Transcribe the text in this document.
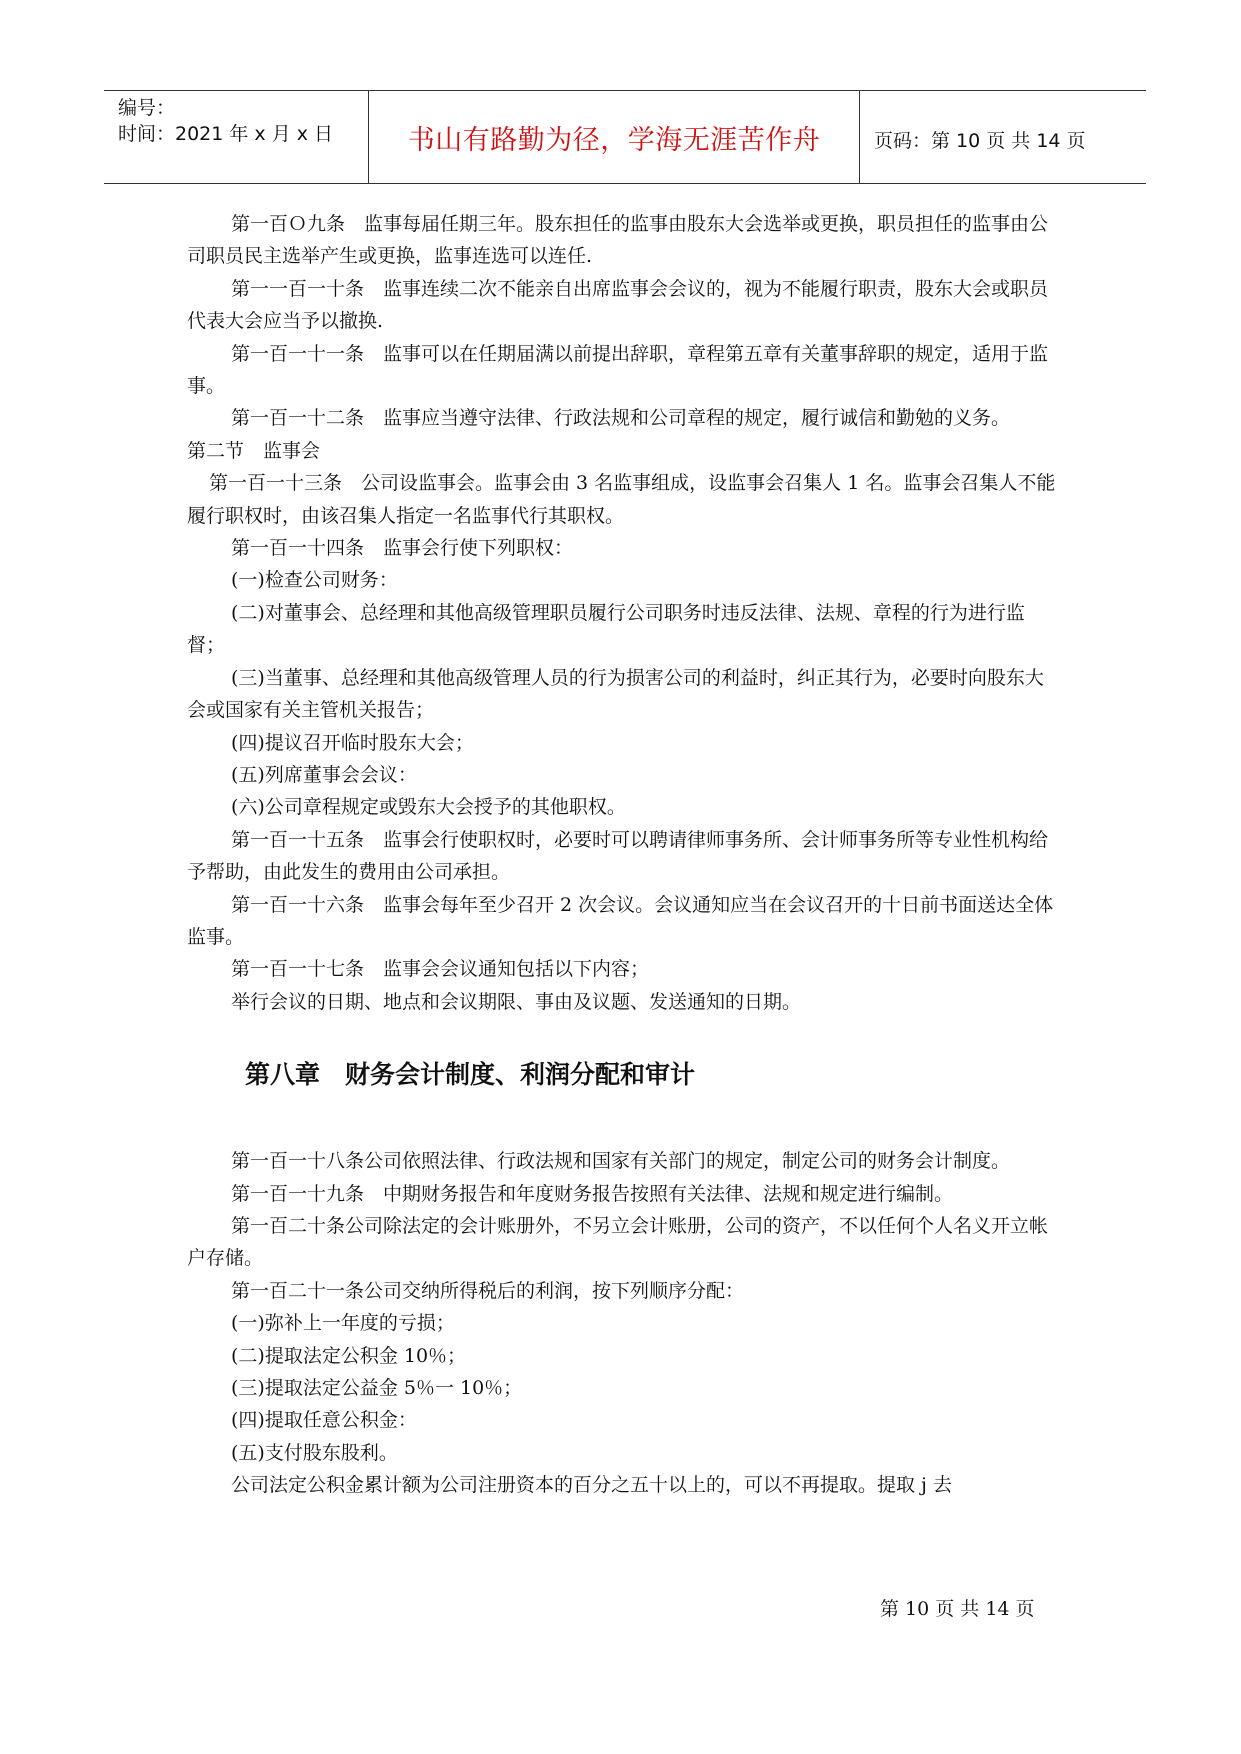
编号：
时间：2021 年 x 月 x 日	书山有路勤为径，学海无涯苦作舟	页码：第 10 页 共 14 页

第一百Ｏ九条　监事每届任期三年。股东担任的监事由股东大会选举或更换，职员担任的监事由公司职员民主选举产生或更换，监事连选可以连任.

第一一百一十条　监事连续二次不能亲自出席监事会会议的，视为不能履行职责，股东大会或职员代表大会应当予以撤换.

第一百一十一条　监事可以在任期届满以前提出辞职，章程第五章有关董事辞职的规定，适用于监事。

第一百一十二条　监事应当遵守法律、行政法规和公司章程的规定，履行诚信和勤勉的义务。

第二节　监事会

第一百一十三条　公司设监事会。监事会由 3 名监事组成，设监事会召集人 1 名。监事会召集人不能履行职权时，由该召集人指定一名监事代行其职权。

第一百一十四条　监事会行使下列职权：

(一)检查公司财务：

(二)对董事会、总经理和其他高级管理职员履行公司职务时违反法律、法规、章程的行为进行监督；

(三)当董事、总经理和其他高级管理人员的行为损害公司的利益时，纠正其行为，必要时向股东大会或国家有关主管机关报告；

(四)提议召开临时股东大会；

(五)列席董事会会议：

(六)公司章程规定或毁东大会授予的其他职权。

第一百一十五条　监事会行使职权时，必要时可以聘请律师事务所、会计师事务所等专业性机构给予帮助，由此发生的费用由公司承担。

第一百一十六条　监事会每年至少召开 2 次会议。会议通知应当在会议召开的十日前书面送达全体监事。

第一百一十七条　监事会会议通知包括以下内容；

举行会议的日期、地点和会议期限、事由及议题、发送通知的日期。

第八章　财务会计制度、利润分配和审计

第一百一十八条公司依照法律、行政法规和国家有关部门的规定，制定公司的财务会计制度。

第一百一十九条　中期财务报告和年度财务报告按照有关法律、法规和规定进行编制。

第一百二十条公司除法定的会计账册外，不另立会计账册，公司的资产，不以任何个人名义开立帐户存储。

第一百二十一条公司交纳所得税后的利润，按下列顺序分配：

(一)弥补上一年度的亏损；

(二)提取法定公积金 10％；

(三)提取法定公益金 5％一 10％；

(四)提取任意公积金：

(五)支付股东股利。

公司法定公积金累计额为公司注册资本的百分之五十以上的，可以不再提取。提取 j 去

第 10 页 共 14 页
